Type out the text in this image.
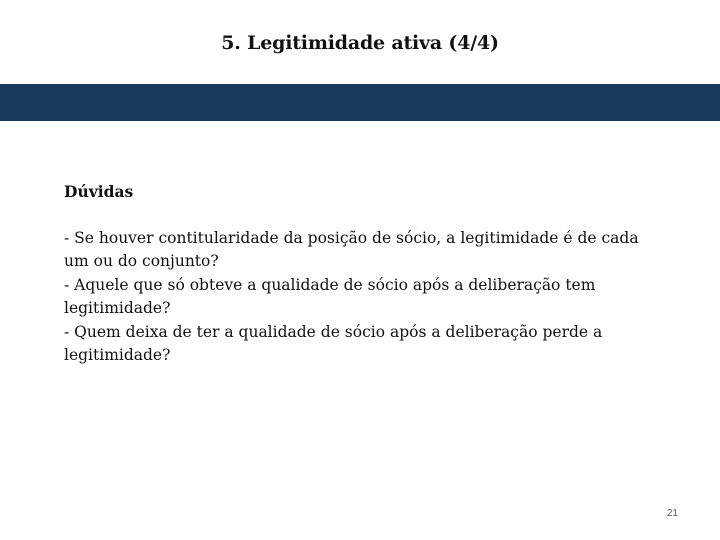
5. Legitimidade ativa (4/4)

Dúvidas

- Se houver contitularidade da posição de sócio, a legitimidade é de cada um ou do conjunto?

- Aquele que só obteve a qualidade de sócio após a deliberação tem legitimidade?

- Quem deixa de ter a qualidade de sócio após a deliberação perde a legitimidade?

21
